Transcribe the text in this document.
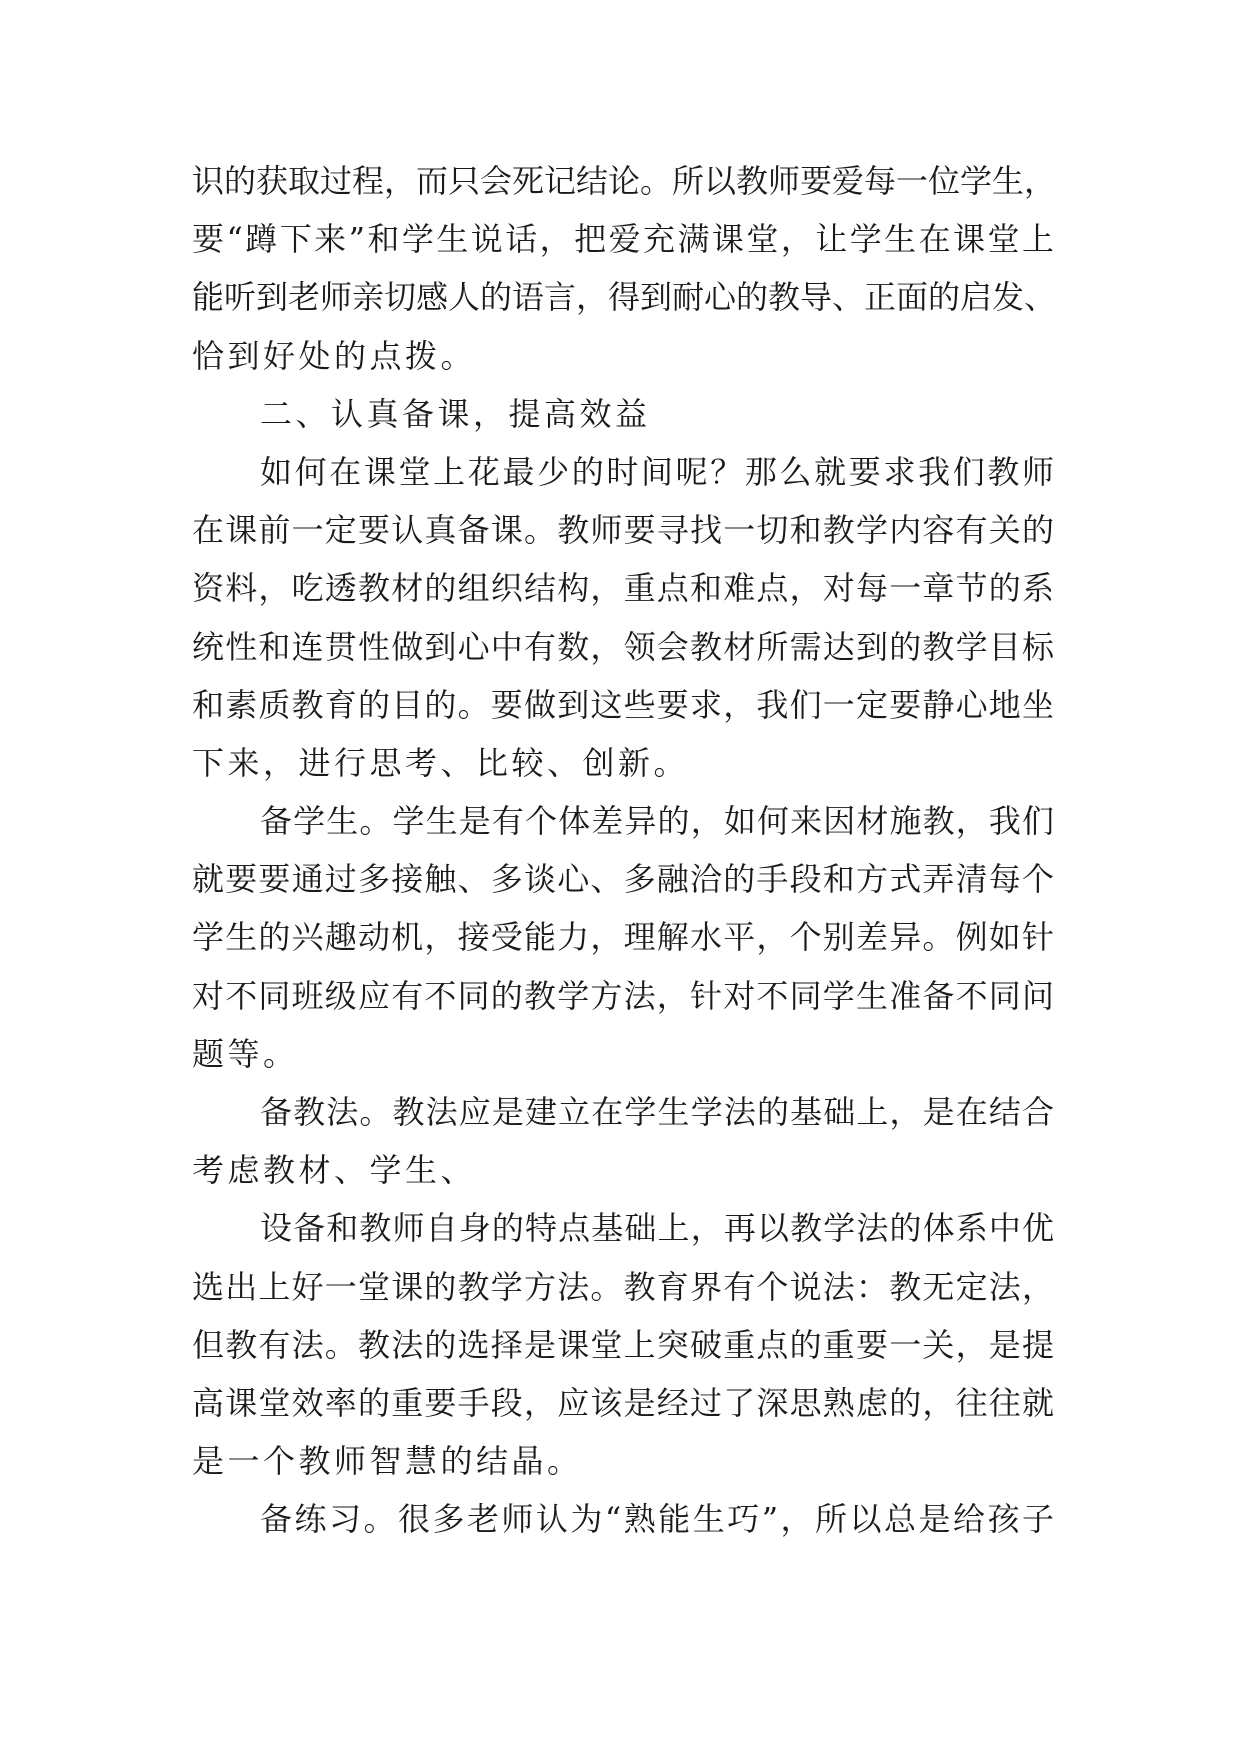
识的获取过程，而只会死记结论。所以教师要爱每一位学生，
要“蹲下来”和学生说话，把爱充满课堂，让学生在课堂上
能听到老师亲切感人的语言，得到耐心的教导、正面的启发、
恰到好处的点拨。
二、认真备课，提高效益
如何在课堂上花最少的时间呢？那么就要求我们教师
在课前一定要认真备课。教师要寻找一切和教学内容有关的
资料，吃透教材的组织结构，重点和难点，对每一章节的系
统性和连贯性做到心中有数，领会教材所需达到的教学目标
和素质教育的目的。要做到这些要求，我们一定要静心地坐
下来，进行思考、比较、创新。
备学生。学生是有个体差异的，如何来因材施教，我们
就要要通过多接触、多谈心、多融洽的手段和方式弄清每个
学生的兴趣动机，接受能力，理解水平，个别差异。例如针
对不同班级应有不同的教学方法，针对不同学生准备不同问
题等。
备教法。教法应是建立在学生学法的基础上，是在结合
考虑教材、学生、
设备和教师自身的特点基础上，再以教学法的体系中优
选出上好一堂课的教学方法。教育界有个说法：教无定法，
但教有法。教法的选择是课堂上突破重点的重要一关，是提
高课堂效率的重要手段，应该是经过了深思熟虑的，往往就
是一个教师智慧的结晶。
备练习。很多老师认为“熟能生巧”，所以总是给孩子
